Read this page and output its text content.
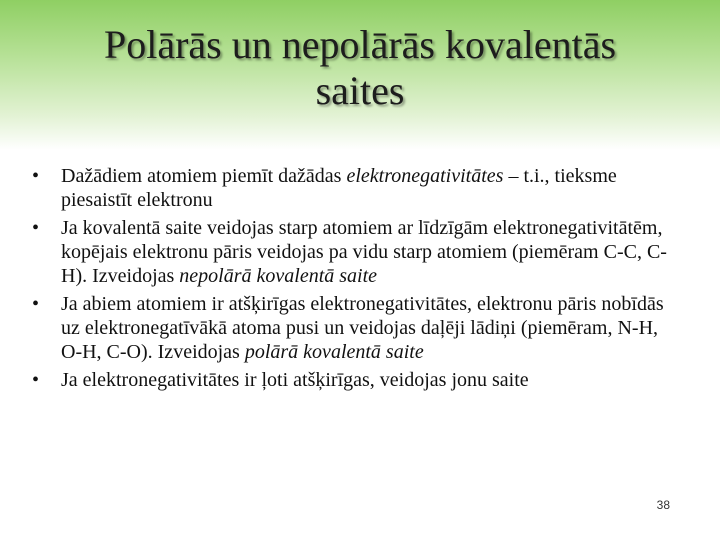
Polārās un nepolārās kovalentās
saites
• Dažādiem atomiem piemīt dažādas elektronegativitātes – t.i., tieksme piesaistīt elektronu
• Ja kovalentā saite veidojas starp atomiem ar līdzīgām elektronegativitātēm, kopējais elektronu pāris veidojas pa vidu starp atomiem (piemēram C-C, C-H). Izveidojas nepolārā kovalentā saite
• Ja abiem atomiem ir atšķirīgas elektronegativitātes, elektronu pāris nobīdās uz elektronegatīvākā atoma pusi un veidojas daļēji lādiņi (piemēram, N-H, O-H, C-O). Izveidojas polārā kovalentā saite
• Ja elektronegativitātes ir ļoti atšķirīgas, veidojas jonu saite
38
